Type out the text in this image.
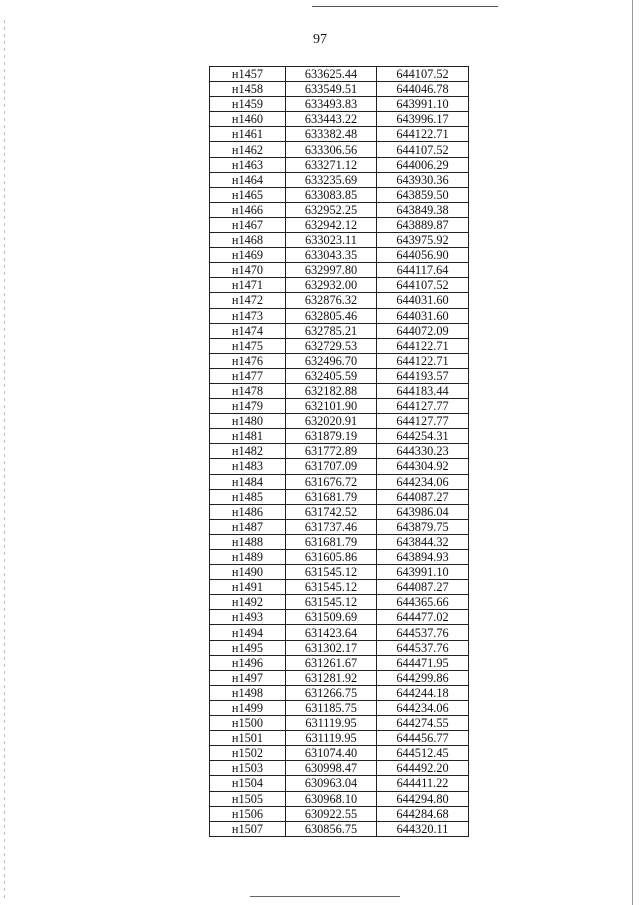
97
н1457	633625.44	644107.52
н1458	633549.51	644046.78
н1459	633493.83	643991.10
н1460	633443.22	643996.17
н1461	633382.48	644122.71
н1462	633306.56	644107.52
н1463	633271.12	644006.29
н1464	633235.69	643930.36
н1465	633083.85	643859.50
н1466	632952.25	643849.38
н1467	632942.12	643889.87
н1468	633023.11	643975.92
н1469	633043.35	644056.90
н1470	632997.80	644117.64
н1471	632932.00	644107.52
н1472	632876.32	644031.60
н1473	632805.46	644031.60
н1474	632785.21	644072.09
н1475	632729.53	644122.71
н1476	632496.70	644122.71
н1477	632405.59	644193.57
н1478	632182.88	644183.44
н1479	632101.90	644127.77
н1480	632020.91	644127.77
н1481	631879.19	644254.31
н1482	631772.89	644330.23
н1483	631707.09	644304.92
н1484	631676.72	644234.06
н1485	631681.79	644087.27
н1486	631742.52	643986.04
н1487	631737.46	643879.75
н1488	631681.79	643844.32
н1489	631605.86	643894.93
н1490	631545.12	643991.10
н1491	631545.12	644087.27
н1492	631545.12	644365.66
н1493	631509.69	644477.02
н1494	631423.64	644537.76
н1495	631302.17	644537.76
н1496	631261.67	644471.95
н1497	631281.92	644299.86
н1498	631266.75	644244.18
н1499	631185.75	644234.06
н1500	631119.95	644274.55
н1501	631119.95	644456.77
н1502	631074.40	644512.45
н1503	630998.47	644492.20
н1504	630963.04	644411.22
н1505	630968.10	644294.80
н1506	630922.55	644284.68
н1507	630856.75	644320.11
